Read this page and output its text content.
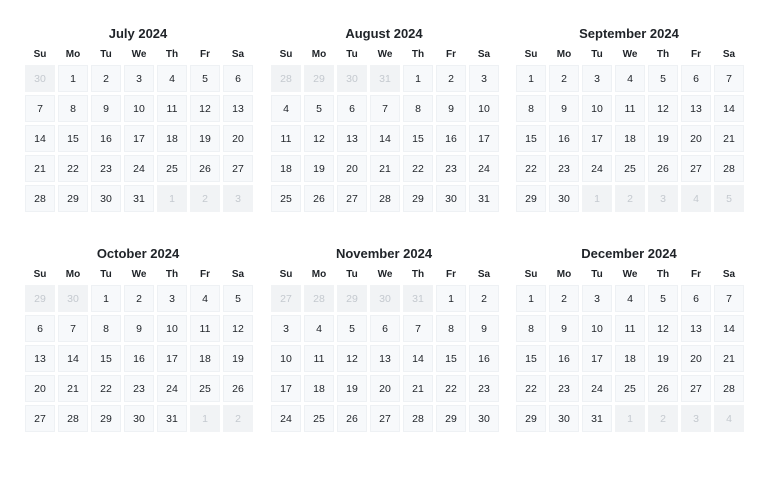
July 2024
Su	Mo	Tu	We	Th	Fr	Sa
30	1	2	3	4	5	6
7	8	9	10	11	12	13
14	15	16	17	18	19	20
21	22	23	24	25	26	27
28	29	30	31	1	2	3
August 2024
Su	Mo	Tu	We	Th	Fr	Sa
28	29	30	31	1	2	3
4	5	6	7	8	9	10
11	12	13	14	15	16	17
18	19	20	21	22	23	24
25	26	27	28	29	30	31
September 2024
Su	Mo	Tu	We	Th	Fr	Sa
1	2	3	4	5	6	7
8	9	10	11	12	13	14
15	16	17	18	19	20	21
22	23	24	25	26	27	28
29	30	1	2	3	4	5
October 2024
Su	Mo	Tu	We	Th	Fr	Sa
29	30	1	2	3	4	5
6	7	8	9	10	11	12
13	14	15	16	17	18	19
20	21	22	23	24	25	26
27	28	29	30	31	1	2
November 2024
Su	Mo	Tu	We	Th	Fr	Sa
27	28	29	30	31	1	2
3	4	5	6	7	8	9
10	11	12	13	14	15	16
17	18	19	20	21	22	23
24	25	26	27	28	29	30
December 2024
Su	Mo	Tu	We	Th	Fr	Sa
1	2	3	4	5	6	7
8	9	10	11	12	13	14
15	16	17	18	19	20	21
22	23	24	25	26	27	28
29	30	31	1	2	3	4
